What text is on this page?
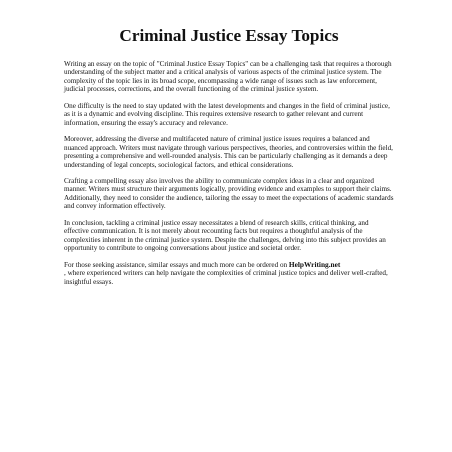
Criminal Justice Essay Topics

Writing an essay on the topic of "Criminal Justice Essay Topics" can be a challenging task that requires a thorough understanding of the subject matter and a critical analysis of various aspects of the criminal justice system. The complexity of the topic lies in its broad scope, encompassing a wide range of issues such as law enforcement, judicial processes, corrections, and the overall functioning of the criminal justice system.

One difficulty is the need to stay updated with the latest developments and changes in the field of criminal justice, as it is a dynamic and evolving discipline. This requires extensive research to gather relevant and current information, ensuring the essay's accuracy and relevance.

Moreover, addressing the diverse and multifaceted nature of criminal justice issues requires a balanced and nuanced approach. Writers must navigate through various perspectives, theories, and controversies within the field, presenting a comprehensive and well-rounded analysis. This can be particularly challenging as it demands a deep understanding of legal concepts, sociological factors, and ethical considerations.

Crafting a compelling essay also involves the ability to communicate complex ideas in a clear and organized manner. Writers must structure their arguments logically, providing evidence and examples to support their claims. Additionally, they need to consider the audience, tailoring the essay to meet the expectations of academic standards and convey information effectively.

In conclusion, tackling a criminal justice essay necessitates a blend of research skills, critical thinking, and effective communication. It is not merely about recounting facts but requires a thoughtful analysis of the complexities inherent in the criminal justice system. Despite the challenges, delving into this subject provides an opportunity to contribute to ongoing conversations about justice and societal order.

For those seeking assistance, similar essays and much more can be ordered on HelpWriting.net
, where experienced writers can help navigate the complexities of criminal justice topics and deliver well-crafted, insightful essays.
